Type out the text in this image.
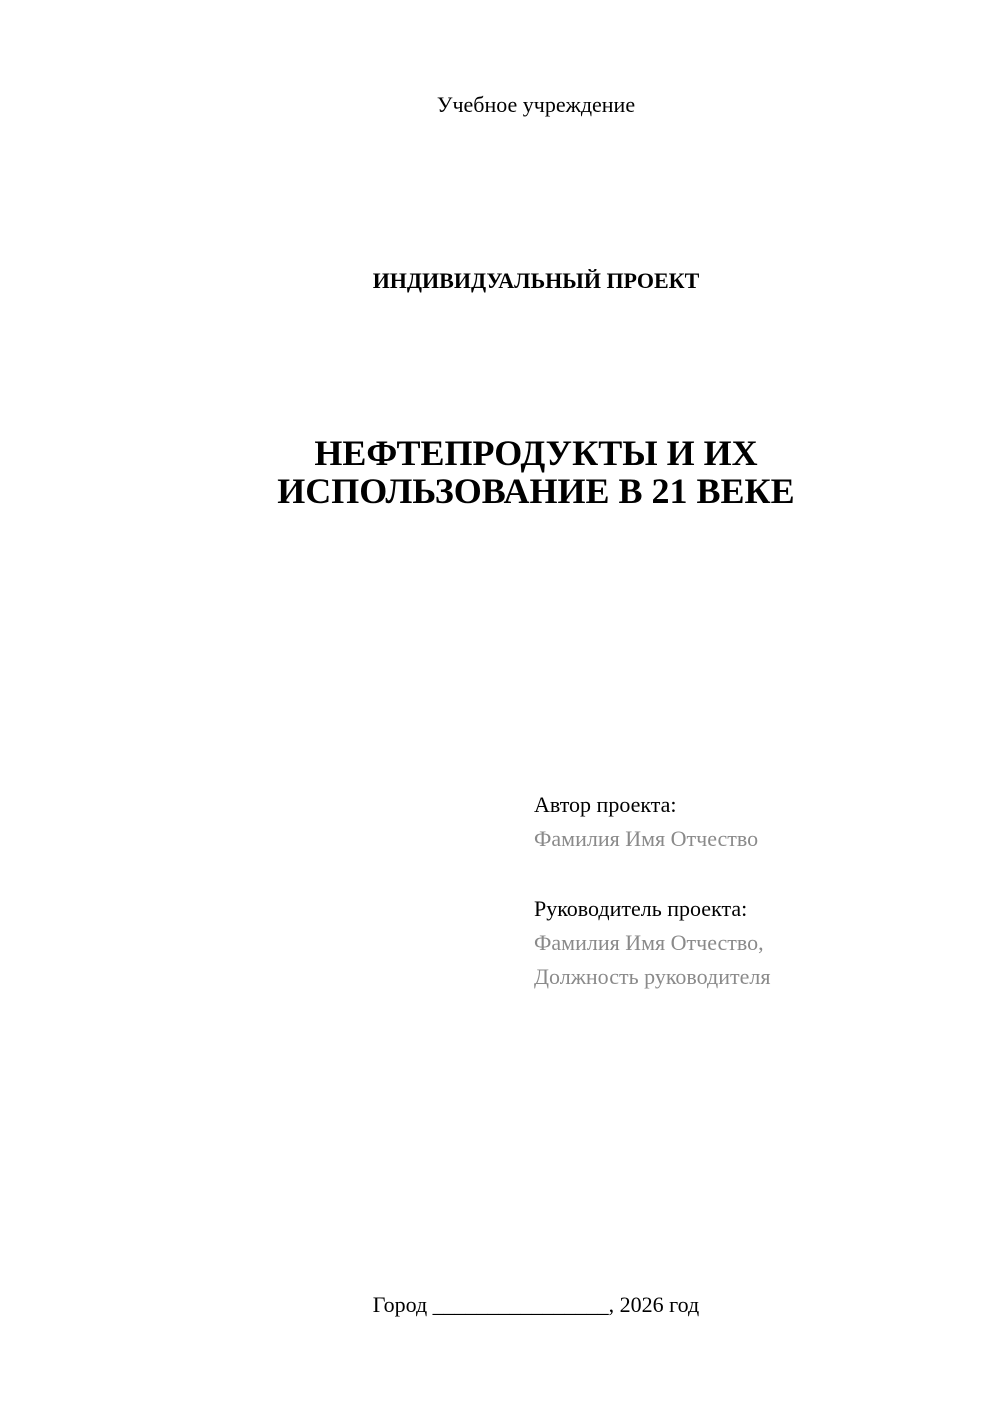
Учебное учреждение
ИНДИВИДУАЛЬНЫЙ ПРОЕКТ
НЕФТЕПРОДУКТЫ И ИХ
ИСПОЛЬЗОВАНИЕ В 21 ВЕКЕ
Автор проекта:
Фамилия Имя Отчество
Руководитель проекта:
Фамилия Имя Отчество,
Должность руководителя
Город ________________, 2026 год
